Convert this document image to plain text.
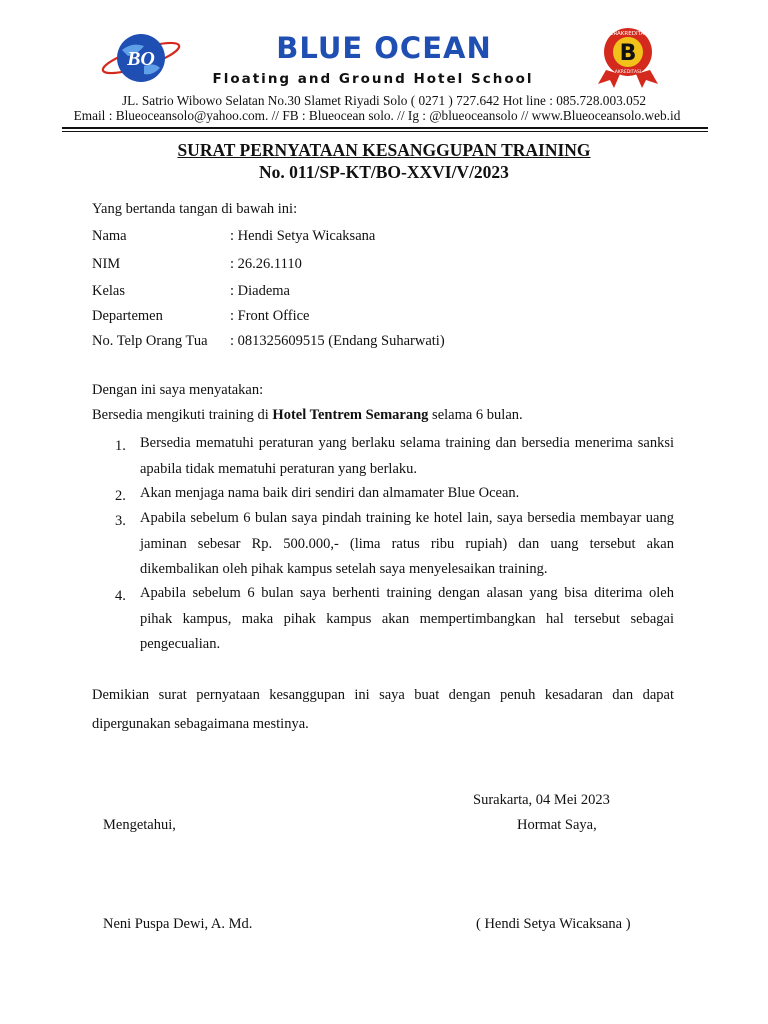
BO	BLUE OCEAN
Floating and Ground Hotel School
B
TERAKREDITASI
AKREDITASI
JL. Satrio Wibowo Selatan No.30 Slamet Riyadi Solo ( 0271 ) 727.642 Hot line : 085.728.003.052
Email : Blueoceansolo@yahoo.com. // FB : Blueocean solo. // Ig : @blueoceansolo // www.Blueoceansolo.web.id
SURAT PERNYATAAN KESANGGUPAN TRAINING
No. 011/SP-KT/BO-XXVI/V/2023
Yang bertanda tangan di bawah ini:
Nama	: Hendi Setya Wicaksana
NIM	: 26.26.1110
Kelas	: Diadema
Departemen	: Front Office
No. Telp Orang Tua : 081325609515 (Endang Suharwati)
Dengan ini saya menyatakan:
Bersedia mengikuti training di Hotel Tentrem Semarang selama 6 bulan.
1. Bersedia mematuhi peraturan yang berlaku selama training dan bersedia menerima sanksi apabila tidak mematuhi peraturan yang berlaku.
2. Akan menjaga nama baik diri sendiri dan almamater Blue Ocean.
3. Apabila sebelum 6 bulan saya pindah training ke hotel lain, saya bersedia membayar uang jaminan sebesar Rp. 500.000,- (lima ratus ribu rupiah) dan uang tersebut akan dikembalikan oleh pihak kampus setelah saya menyelesaikan training.
4. Apabila sebelum 6 bulan saya berhenti training dengan alasan yang bisa diterima oleh pihak kampus, maka pihak kampus akan mempertimbangkan hal tersebut sebagai pengecualian.
Demikian surat pernyataan kesanggupan ini saya buat dengan penuh kesadaran dan dapat dipergunakan sebagaimana mestinya.
Surakarta, 04 Mei 2023
Mengetahui,	Hormat Saya,
Neni Puspa Dewi, A. Md.	( Hendi Setya Wicaksana )
